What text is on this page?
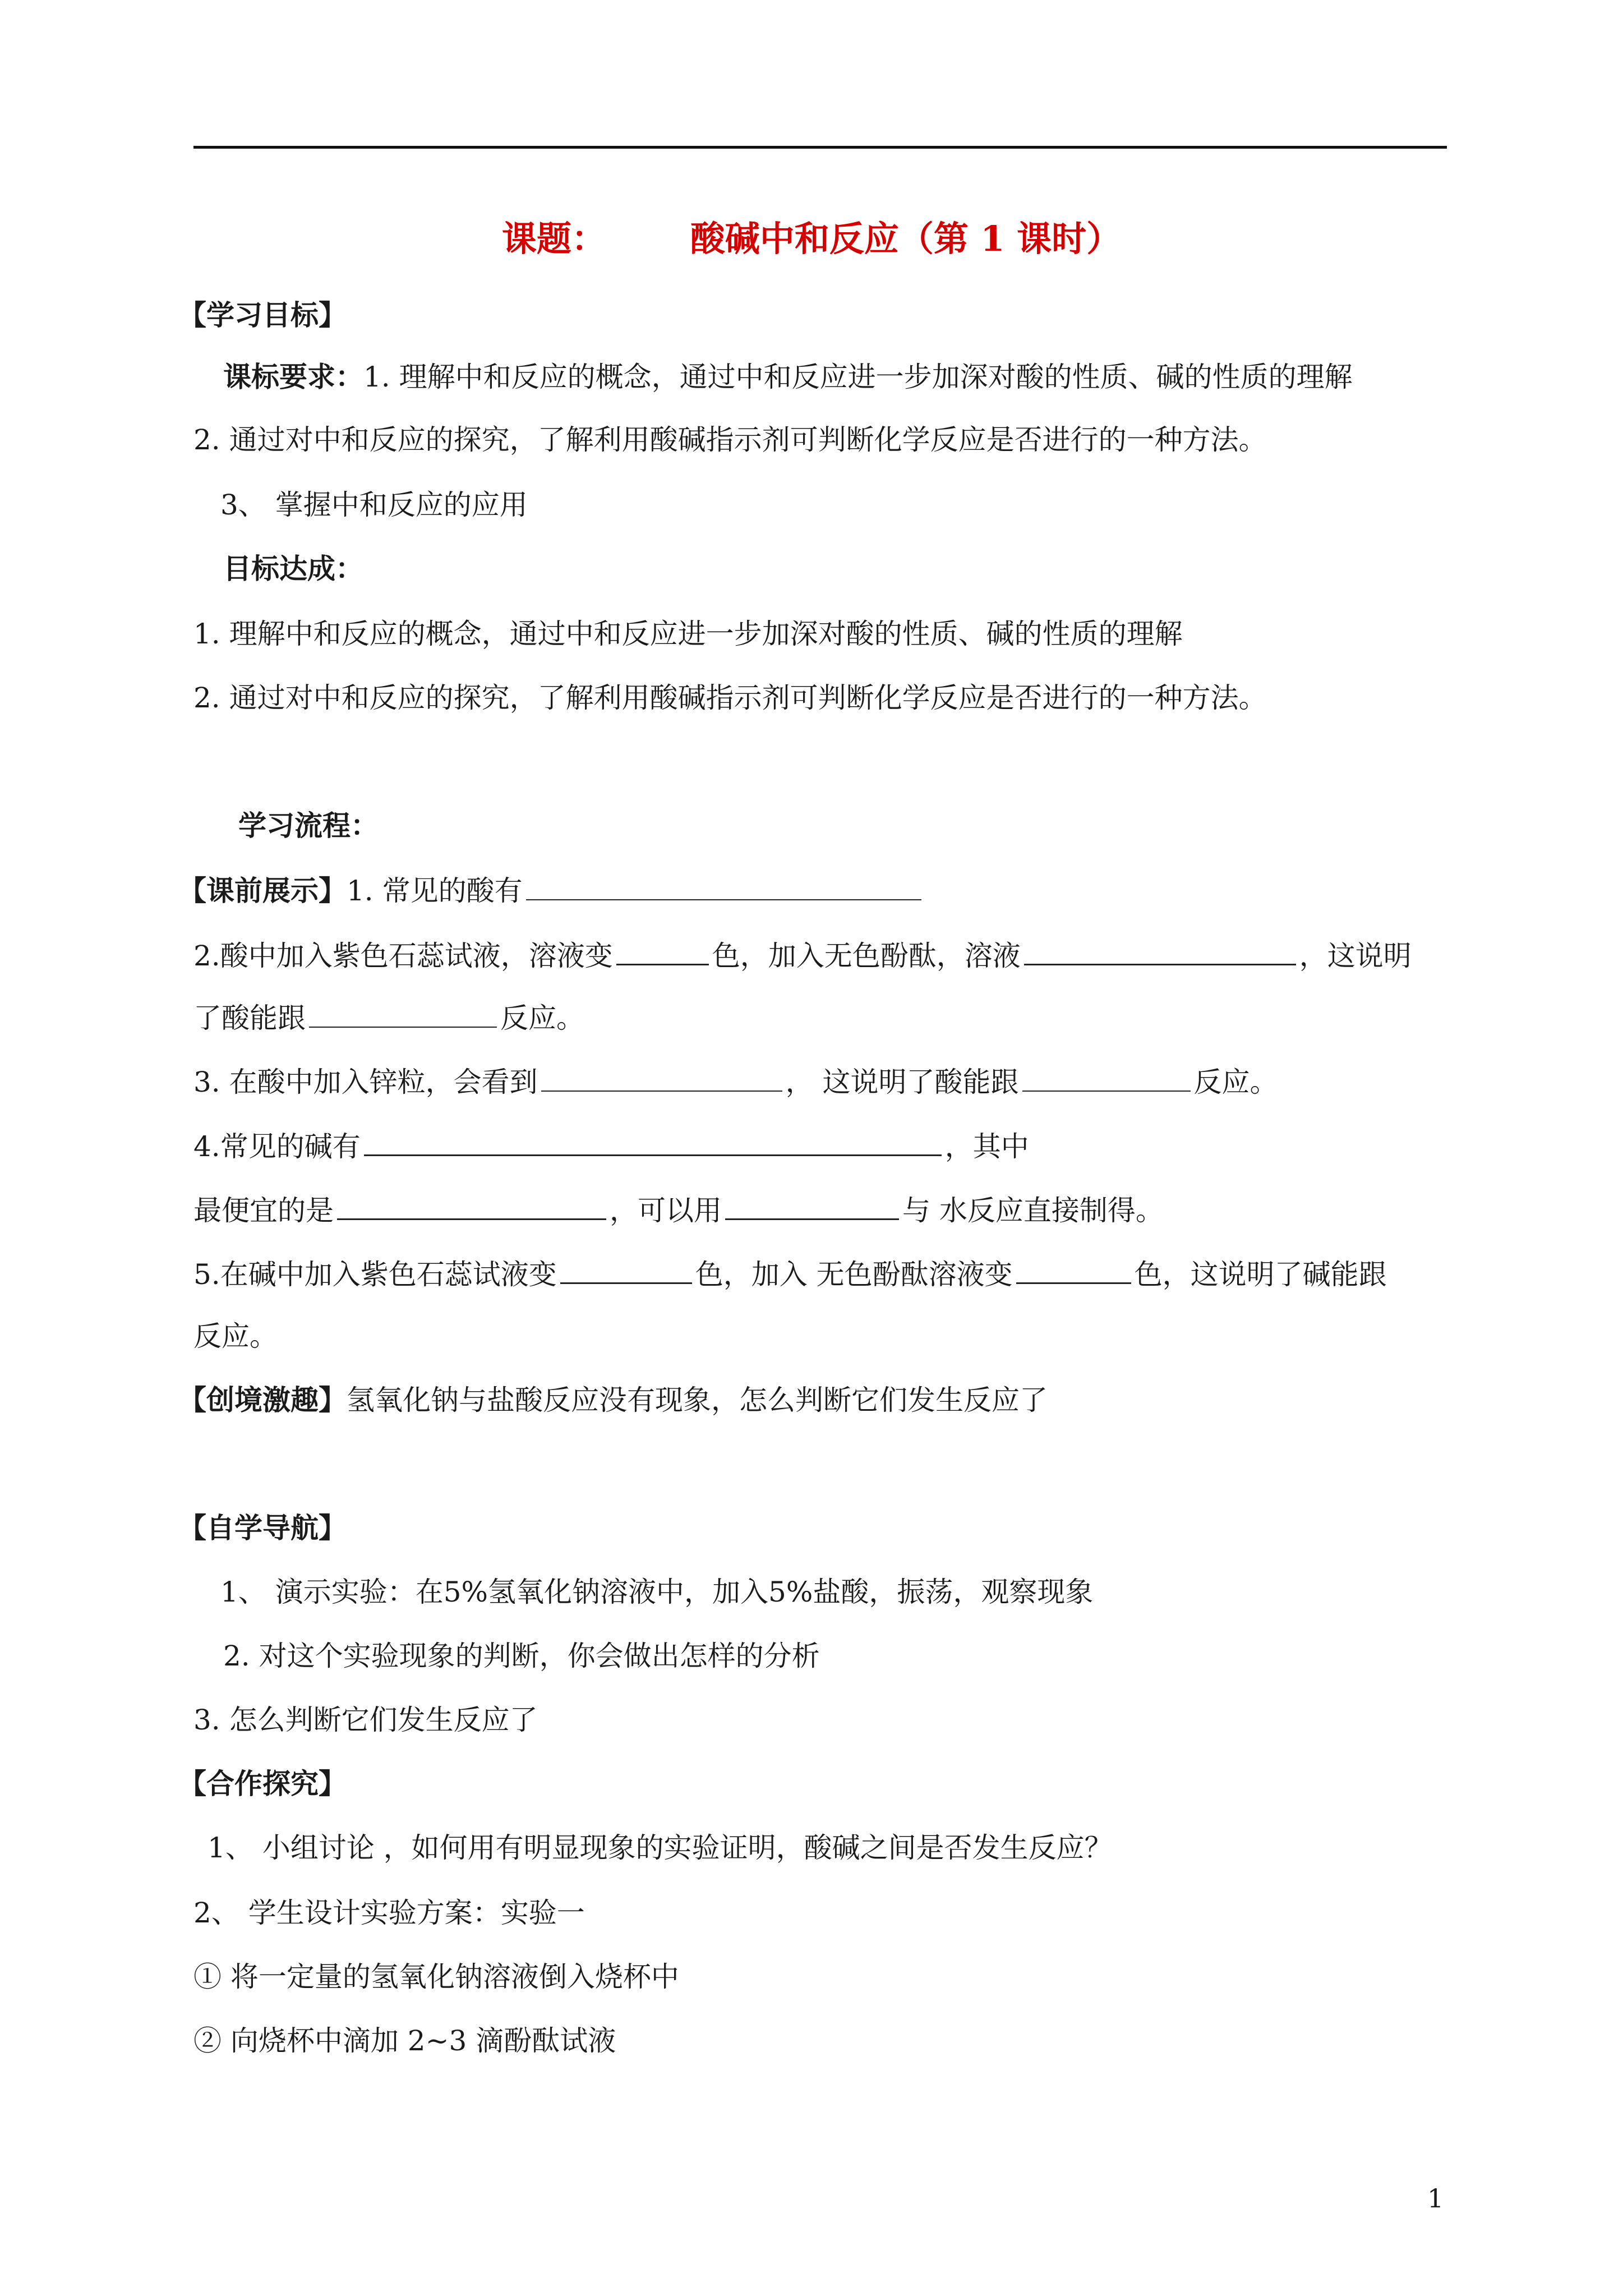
课题： 酸碱中和反应（第 1 课时）
【学习目标】
课标要求：1. 理解中和反应的概念，通过中和反应进一步加深对酸的性质、碱的性质的理解
2. 通过对中和反应的探究，了解利用酸碱指示剂可判断化学反应是否进行的一种方法。
3、 掌握中和反应的应用
目标达成：
1. 理解中和反应的概念，通过中和反应进一步加深对酸的性质、碱的性质的理解
2. 通过对中和反应的探究，了解利用酸碱指示剂可判断化学反应是否进行的一种方法。
学习流程：
【课前展示】1. 常见的酸有
2.酸中加入紫色石蕊试液，溶液变	色，加入无色酚酞，溶液	，这说明
了酸能跟	反应。
3. 在酸中加入锌粒，会看到	， 这说明了酸能跟	反应。
4.常见的碱有	，其中
最便宜的是	，可以用	与 水反应直接制得。
5.在碱中加入紫色石蕊试液变	色，加入 无色酚酞溶液变	色，这说明了碱能跟
反应。
【创境激趣】氢氧化钠与盐酸反应没有现象，怎么判断它们发生反应了
【自学导航】
1、 演示实验：在5%氢氧化钠溶液中，加入5%盐酸，振荡，观察现象
2. 对这个实验现象的判断，你会做出怎样的分析
3. 怎么判断它们发生反应了
【合作探究】
1、 小组讨论 ，如何用有明显现象的实验证明，酸碱之间是否发生反应？
2、 学生设计实验方案：实验一
① 将一定量的氢氧化钠溶液倒入烧杯中
② 向烧杯中滴加 2~3 滴酚酞试液
1
